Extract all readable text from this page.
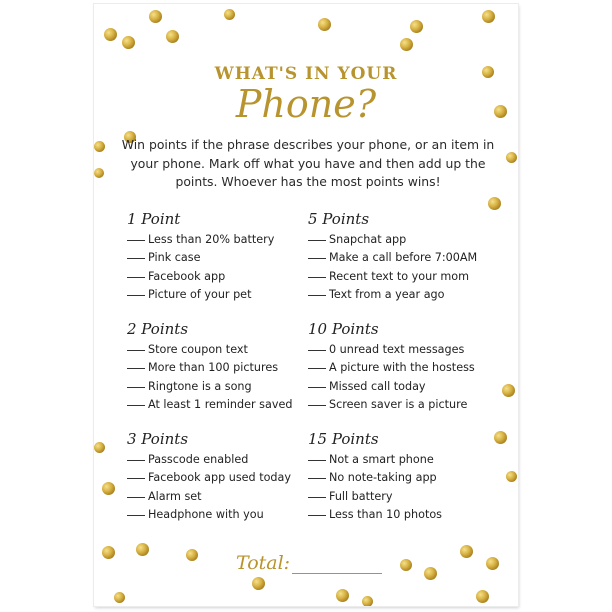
WHAT'S IN YOUR
Phone?
Win points if the phrase describes your phone, or an item in your phone. Mark off what you have and then add up the points. Whoever has the most points wins!
1 Point
Less than 20% battery
Pink case
Facebook app
Picture of your pet
2 Points
Store coupon text
More than 100 pictures
Ringtone is a song
At least 1 reminder saved
3 Points
Passcode enabled
Facebook app used today
Alarm set
Headphone with you
5 Points
Snapchat app
Make a call before 7:00AM
Recent text to your mom
Text from a year ago
10 Points
0 unread text messages
A picture with the hostess
Missed call today
Screen saver is a picture
15 Points
Not a smart phone
No note-taking app
Full battery
Less than 10 photos
Total:
